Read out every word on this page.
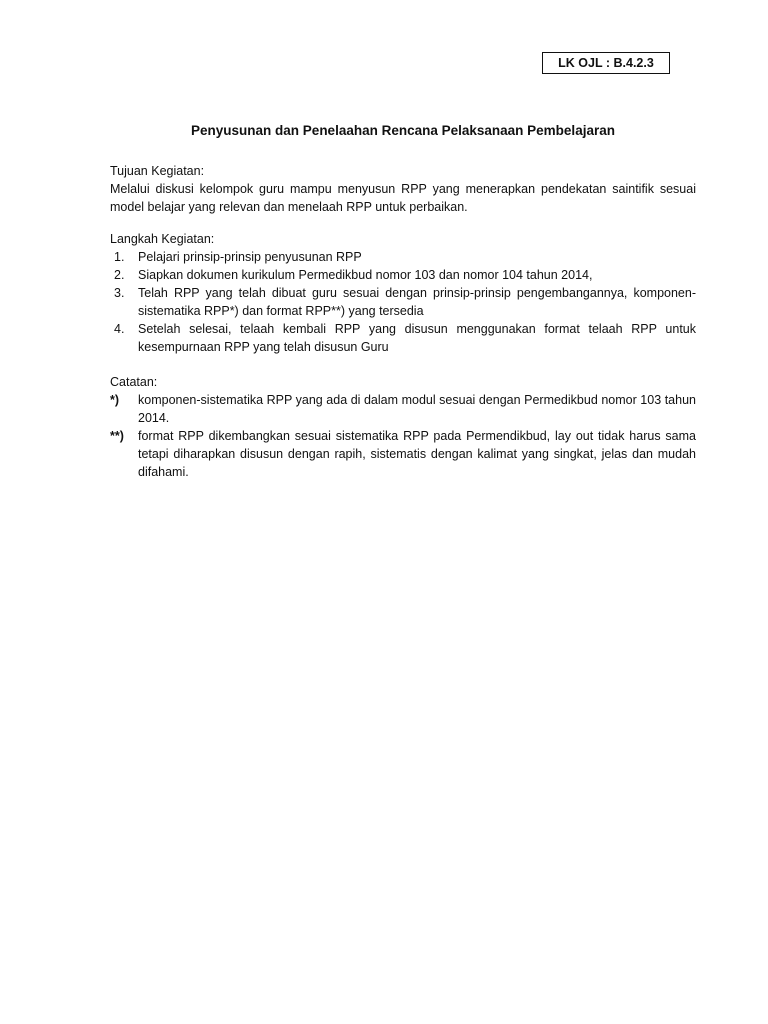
LK OJL : B.4.2.3
Penyusunan dan Penelaahan Rencana Pelaksanaan Pembelajaran
Tujuan Kegiatan:
Melalui diskusi kelompok guru mampu menyusun RPP yang menerapkan pendekatan saintifik sesuai model belajar yang relevan dan menelaah RPP untuk perbaikan.
Langkah Kegiatan:
1. Pelajari prinsip-prinsip penyusunan RPP
2. Siapkan dokumen kurikulum Permedikbud nomor 103 dan nomor 104 tahun 2014,
3. Telah RPP yang telah dibuat guru sesuai dengan prinsip-prinsip pengembangannya, komponen-sistematika RPP*) dan format RPP**) yang tersedia
4. Setelah selesai, telaah kembali RPP yang disusun menggunakan format telaah RPP untuk kesempurnaan RPP yang telah disusun Guru
Catatan:
*) komponen-sistematika RPP yang ada di dalam modul sesuai dengan Permedikbud nomor 103 tahun 2014.
**) format RPP dikembangkan sesuai sistematika RPP pada Permendikbud, lay out tidak harus sama tetapi diharapkan disusun dengan rapih, sistematis dengan kalimat yang singkat, jelas dan mudah difahami.
